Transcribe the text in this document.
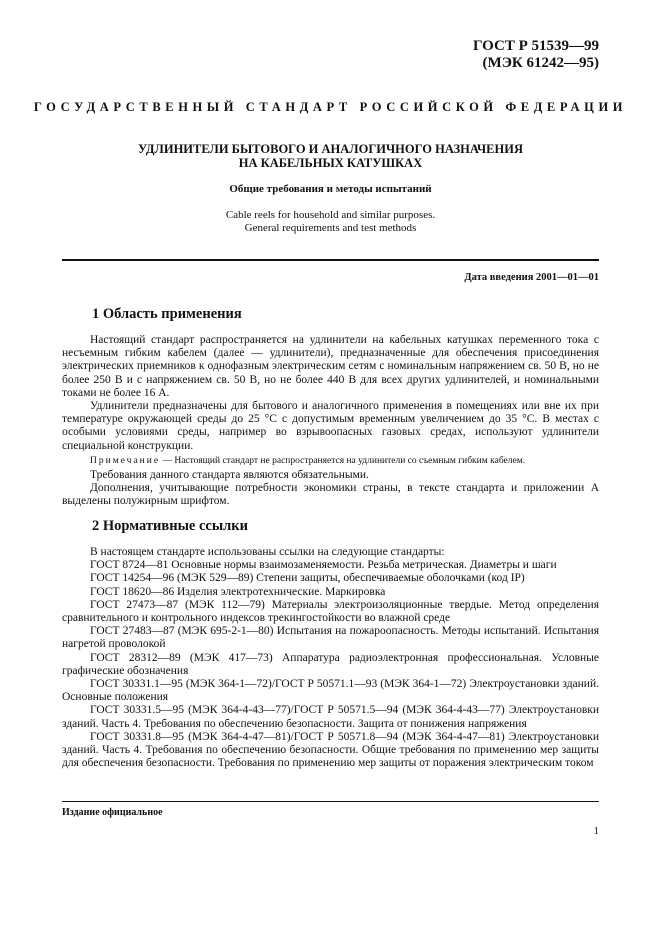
ГОСТ Р 51539—99
(МЭК 61242—95)
ГОСУДАРСТВЕННЫЙ СТАНДАРТ РОССИЙСКОЙ ФЕДЕРАЦИИ
УДЛИНИТЕЛИ БЫТОВОГО И АНАЛОГИЧНОГО НАЗНАЧЕНИЯ
НА КАБЕЛЬНЫХ КАТУШКАХ
Общие требования и методы испытаний
Cable reels for household and similar purposes.
General requirements and test methods
Дата введения 2001—01—01
1 Область применения

Настоящий стандарт распространяется на удлинители на кабельных катушках переменного тока с несъемным гибким кабелем (далее — удлинители), предназначенные для обеспечения присоединения электрических приемников к однофазным электрическим сетям с номинальным напряжением св. 50 В, но не более 250 В и с напряжением св. 50 В, но не более 440 В для всех других удлинителей, и номинальными токами не более 16 А.

Удлинители предназначены для бытового и аналогичного применения в помещениях или вне их при температуре окружающей среды до 25 °С с допустимым временным увеличением до 35 °С. В местах с особыми условиями среды, например во взрывоопасных газовых средах, используют удлинители специальной конструкции.

Примечание — Настоящий стандарт не распространяется на удлинители со съемным гибким кабелем.

Требования данного стандарта являются обязательными.

Дополнения, учитывающие потребности экономики страны, в тексте стандарта и приложении А выделены полужирным шрифтом.

2 Нормативные ссылки

В настоящем стандарте использованы ссылки на следующие стандарты:

ГОСТ 8724—81 Основные нормы взаимозаменяемости. Резьба метрическая. Диаметры и шаги

ГОСТ 14254—96 (МЭК 529—89) Степени защиты, обеспечиваемые оболочками (код IP)

ГОСТ 18620—86 Изделия электротехнические. Маркировка

ГОСТ 27473—87 (МЭК 112—79) Материалы электроизоляционные твердые. Метод определения сравнительного и контрольного индексов трекингостойкости во влажной среде

ГОСТ 27483—87 (МЭК 695-2-1—80) Испытания на пожароопасность. Методы испытаний. Испытания нагретой проволокой

ГОСТ 28312—89 (МЭК 417—73) Аппаратура радиоэлектронная профессиональная. Условные графические обозначения

ГОСТ 30331.1—95 (МЭК 364-1—72)/ГОСТ Р 50571.1—93 (МЭК 364-1—72) Электроустановки зданий. Основные положения

ГОСТ 30331.5—95 (МЭК 364-4-43—77)/ГОСТ Р 50571.5—94 (МЭК 364-4-43—77) Электроустановки зданий. Часть 4. Требования по обеспечению безопасности. Защита от понижения напряжения

ГОСТ 30331.8—95 (МЭК 364-4-47—81)/ГОСТ Р 50571.8—94 (МЭК 364-4-47—81) Электроустановки зданий. Часть 4. Требования по обеспечению безопасности. Общие требования по применению мер защиты для обеспечения безопасности. Требования по применению мер защиты от поражения электрическим током

Издание официальное
1
